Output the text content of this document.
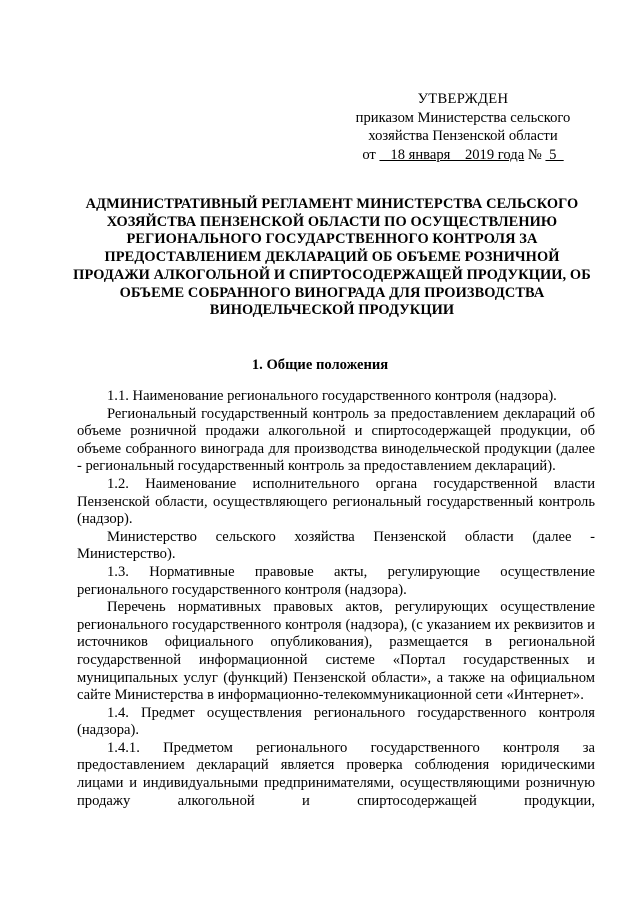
УТВЕРЖДЕН
приказом Министерства сельского
хозяйства Пензенской области
от    18 января    2019 года №  5
АДМИНИСТРАТИВНЫЙ РЕГЛАМЕНТ МИНИСТЕРСТВА СЕЛЬСКОГО ХОЗЯЙСТВА ПЕНЗЕНСКОЙ ОБЛАСТИ ПО ОСУЩЕСТВЛЕНИЮ РЕГИОНАЛЬНОГО ГОСУДАРСТВЕННОГО КОНТРОЛЯ ЗА ПРЕДОСТАВЛЕНИЕМ ДЕКЛАРАЦИЙ ОБ ОБЪЕМЕ РОЗНИЧНОЙ ПРОДАЖИ АЛКОГОЛЬНОЙ И СПИРТОСОДЕРЖАЩЕЙ ПРОДУКЦИИ, ОБ ОБЪЕМЕ СОБРАННОГО ВИНОГРАДА ДЛЯ ПРОИЗВОДСТВА ВИНОДЕЛЬЧЕСКОЙ ПРОДУКЦИИ
1. Общие положения

1.1. Наименование регионального государственного контроля (надзора).

Региональный государственный контроль за предоставлением деклараций об объеме розничной продажи алкогольной и спиртосодержащей продукции, об объеме собранного винограда для производства винодельческой продукции (далее - региональный государственный контроль за предоставлением деклараций).

1.2. Наименование исполнительного органа государственной власти Пензенской области, осуществляющего региональный государственный контроль (надзор).

Министерство сельского хозяйства Пензенской области (далее - Министерство).

1.3. Нормативные правовые акты, регулирующие осуществление регионального государственного контроля (надзора).

Перечень нормативных правовых актов, регулирующих осуществление регионального государственного контроля (надзора), (с указанием их реквизитов и источников официального опубликования), размещается в региональной государственной информационной системе «Портал государственных и муниципальных услуг (функций) Пензенской области», а также на официальном сайте Министерства в информационно-телекоммуникационной сети «Интернет».

1.4. Предмет осуществления регионального государственного контроля (надзора).

1.4.1. Предметом регионального государственного контроля за предоставлением деклараций является проверка соблюдения юридическими лицами и индивидуальными предпринимателями, осуществляющими розничную продажу алкогольной и спиртосодержащей продукции,
